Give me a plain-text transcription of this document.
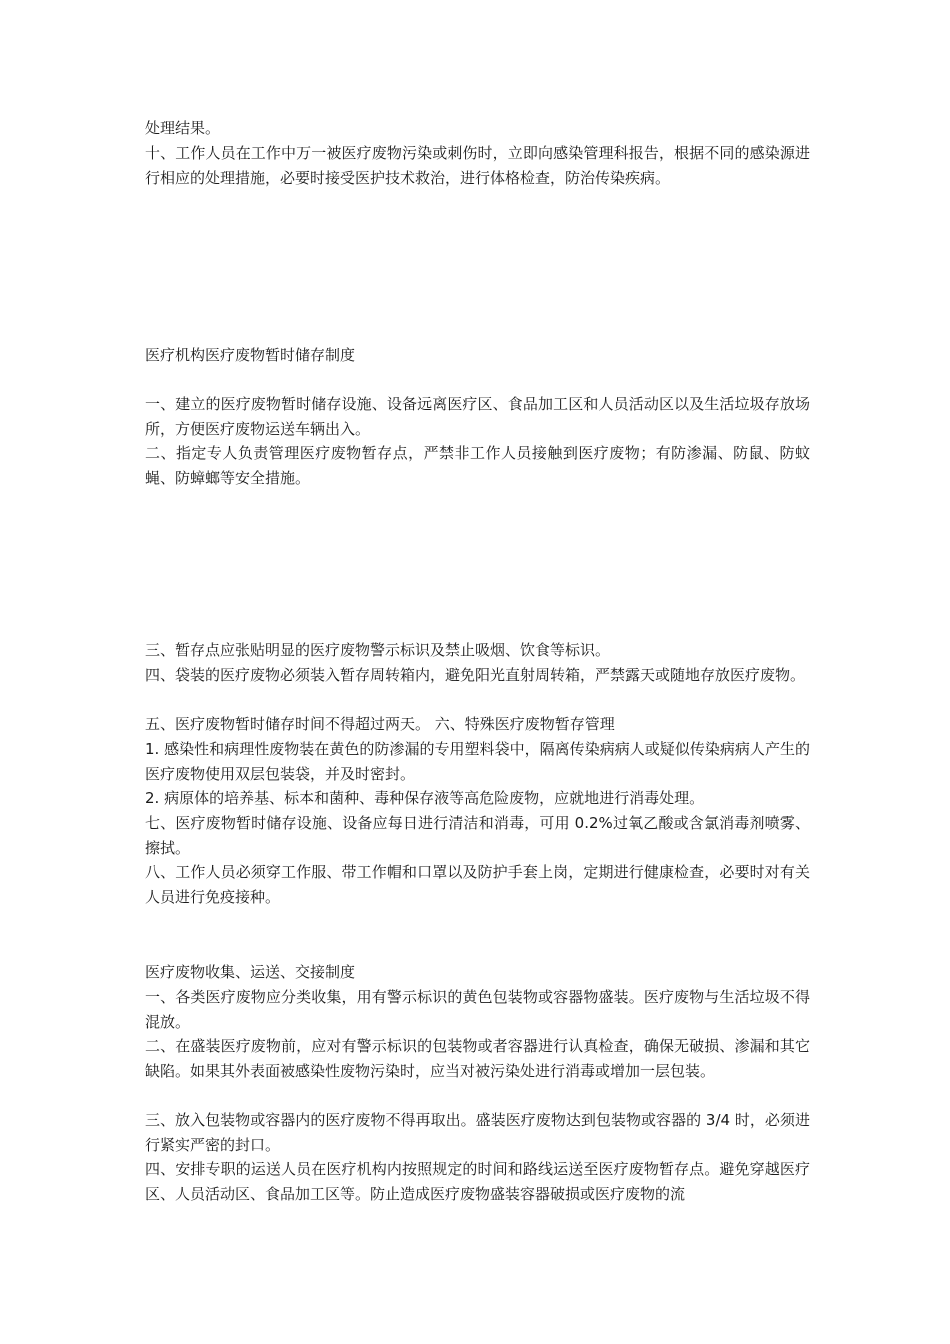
处理结果。
十、工作人员在工作中万一被医疗废物污染或刺伤时，立即向感染管理科报告，根据不同的感染源进行相应的处理措施，必要时接受医护技术救治，进行体格检查，防治传染疾病。
医疗机构医疗废物暂时储存制度
一、建立的医疗废物暂时储存设施、设备远离医疗区、食品加工区和人员活动区以及生活垃圾存放场所，方便医疗废物运送车辆出入。
二、指定专人负责管理医疗废物暂存点，严禁非工作人员接触到医疗废物；有防渗漏、防鼠、防蚊蝇、防蟑螂等安全措施。
三、暂存点应张贴明显的医疗废物警示标识及禁止吸烟、饮食等标识。
四、袋装的医疗废物必须装入暂存周转箱内，避免阳光直射周转箱，严禁露天或随地存放医疗废物。
五、医疗废物暂时储存时间不得超过两天。 六、特殊医疗废物暂存管理
1. 感染性和病理性废物装在黄色的防渗漏的专用塑料袋中，隔离传染病病人或疑似传染病病人产生的医疗废物使用双层包装袋，并及时密封。
2. 病原体的培养基、标本和菌种、毒种保存液等高危险废物，应就地进行消毒处理。
七、医疗废物暂时储存设施、设备应每日进行清洁和消毒，可用 0.2%过氧乙酸或含氯消毒剂喷雾、擦拭。
八、工作人员必须穿工作服、带工作帽和口罩以及防护手套上岗，定期进行健康检查，必要时对有关人员进行免疫接种。
医疗废物收集、运送、交接制度
一、各类医疗废物应分类收集，用有警示标识的黄色包装物或容器物盛装。医疗废物与生活垃圾不得混放。
二、在盛装医疗废物前，应对有警示标识的包装物或者容器进行认真检查，确保无破损、渗漏和其它缺陷。如果其外表面被感染性废物污染时，应当对被污染处进行消毒或增加一层包装。
三、放入包装物或容器内的医疗废物不得再取出。盛装医疗废物达到包装物或容器的 3/4 时，必须进行紧实严密的封口。
四、安排专职的运送人员在医疗机构内按照规定的时间和路线运送至医疗废物暂存点。避免穿越医疗区、人员活动区、食品加工区等。防止造成医疗废物盛装容器破损或医疗废物的流
